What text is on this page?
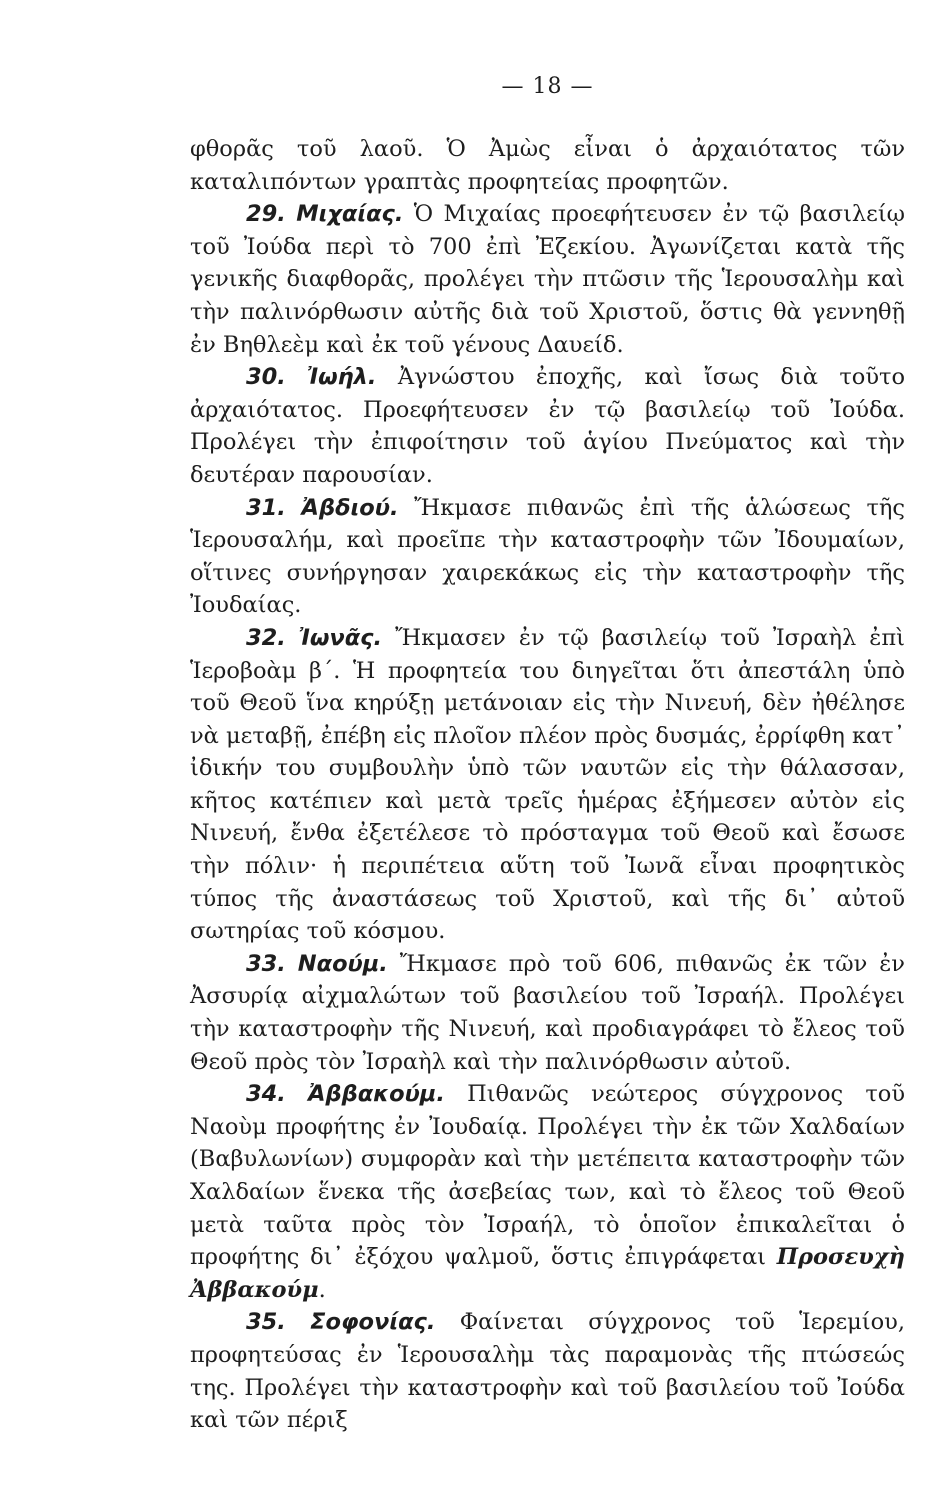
— 18 —

φθορᾶς τοῦ λαοῦ. Ὁ Ἀμὼς εἶναι ὁ ἀρχαιότατος τῶν καταλιπόντων γραπτὰς προφητείας προφητῶν.

29. Μιχαίας. Ὁ Μιχαίας προεφήτευσεν ἐν τῷ βασιλείῳ τοῦ Ἰούδα περὶ τὸ 700 ἐπὶ Ἐζεκίου. Ἀγωνίζεται κατὰ τῆς γενικῆς διαφθορᾶς, προλέγει τὴν πτῶσιν τῆς Ἱερουσαλὴμ καὶ τὴν παλινόρθωσιν αὐτῆς διὰ τοῦ Χριστοῦ, ὅστις θὰ γεννηθῇ ἐν Βηθλεὲμ καὶ ἐκ τοῦ γένους Δαυείδ.

30. Ἰωήλ. Ἀγνώστου ἐποχῆς, καὶ ἴσως διὰ τοῦτο ἀρχαιότατος. Προεφήτευσεν ἐν τῷ βασιλείῳ τοῦ Ἰούδα. Προλέγει τὴν ἐπιφοίτησιν τοῦ ἁγίου Πνεύματος καὶ τὴν δευτέραν παρουσίαν.

31. Ἀβδιού. Ἤκμασε πιθανῶς ἐπὶ τῆς ἁλώσεως τῆς Ἱερουσαλήμ, καὶ προεῖπε τὴν καταστροφὴν τῶν Ἰδουμαίων, οἵτινες συνήργησαν χαιρεκάκως εἰς τὴν καταστροφὴν τῆς Ἰουδαίας.

32. Ἰωνᾶς. Ἤκμασεν ἐν τῷ βασιλείῳ τοῦ Ἰσραὴλ ἐπὶ Ἱεροβοὰμ β΄. Ἡ προφητεία του διηγεῖται ὅτι ἀπεστάλη ὑπὸ τοῦ Θεοῦ ἵνα κηρύξῃ μετάνοιαν εἰς τὴν Νινευή, δὲν ἠθέλησε νὰ μεταβῇ, ἐπέβη εἰς πλοῖον πλέον πρὸς δυσμάς, ἐρρίφθη κατ᾽ ἰδικήν του συμβουλὴν ὑπὸ τῶν ναυτῶν εἰς τὴν θάλασσαν, κῆτος κατέπιεν καὶ μετὰ τρεῖς ἡμέρας ἐξήμεσεν αὐτὸν εἰς Νινευή, ἔνθα ἐξετέλεσε τὸ πρόσταγμα τοῦ Θεοῦ καὶ ἔσωσε τὴν πόλιν· ἡ περιπέτεια αὕτη τοῦ Ἰωνᾶ εἶναι προφητικὸς τύπος τῆς ἀναστάσεως τοῦ Χριστοῦ, καὶ τῆς δι᾽ αὐτοῦ σωτηρίας τοῦ κόσμου.

33. Ναούμ. Ἤκμασε πρὸ τοῦ 606, πιθανῶς ἐκ τῶν ἐν Ἀσσυρίᾳ αἰχμαλώτων τοῦ βασιλείου τοῦ Ἰσραήλ. Προλέγει τὴν καταστροφὴν τῆς Νινευή, καὶ προδιαγράφει τὸ ἔλεος τοῦ Θεοῦ πρὸς τὸν Ἰσραὴλ καὶ τὴν παλινόρθωσιν αὐτοῦ.

34. Ἀββακούμ. Πιθανῶς νεώτερος σύγχρονος τοῦ Ναοὺμ προφήτης ἐν Ἰουδαίᾳ. Προλέγει τὴν ἐκ τῶν Χαλδαίων (Βαβυλωνίων) συμφορὰν καὶ τὴν μετέπειτα καταστροφὴν τῶν Χαλδαίων ἕνεκα τῆς ἀσεβείας των, καὶ τὸ ἔλεος τοῦ Θεοῦ μετὰ ταῦτα πρὸς τὸν Ἰσραήλ, τὸ ὁποῖον ἐπικαλεῖται ὁ προφήτης δι᾽ ἐξόχου ψαλμοῦ, ὅστις ἐπιγράφεται Προσευχὴ Ἀββακούμ.

35. Σοφονίας. Φαίνεται σύγχρονος τοῦ Ἱερεμίου, προφητεύσας ἐν Ἱερουσαλὴμ τὰς παραμονὰς τῆς πτώσεώς της. Προλέγει τὴν καταστροφὴν καὶ τοῦ βασιλείου τοῦ Ἰούδα καὶ τῶν πέριξ
